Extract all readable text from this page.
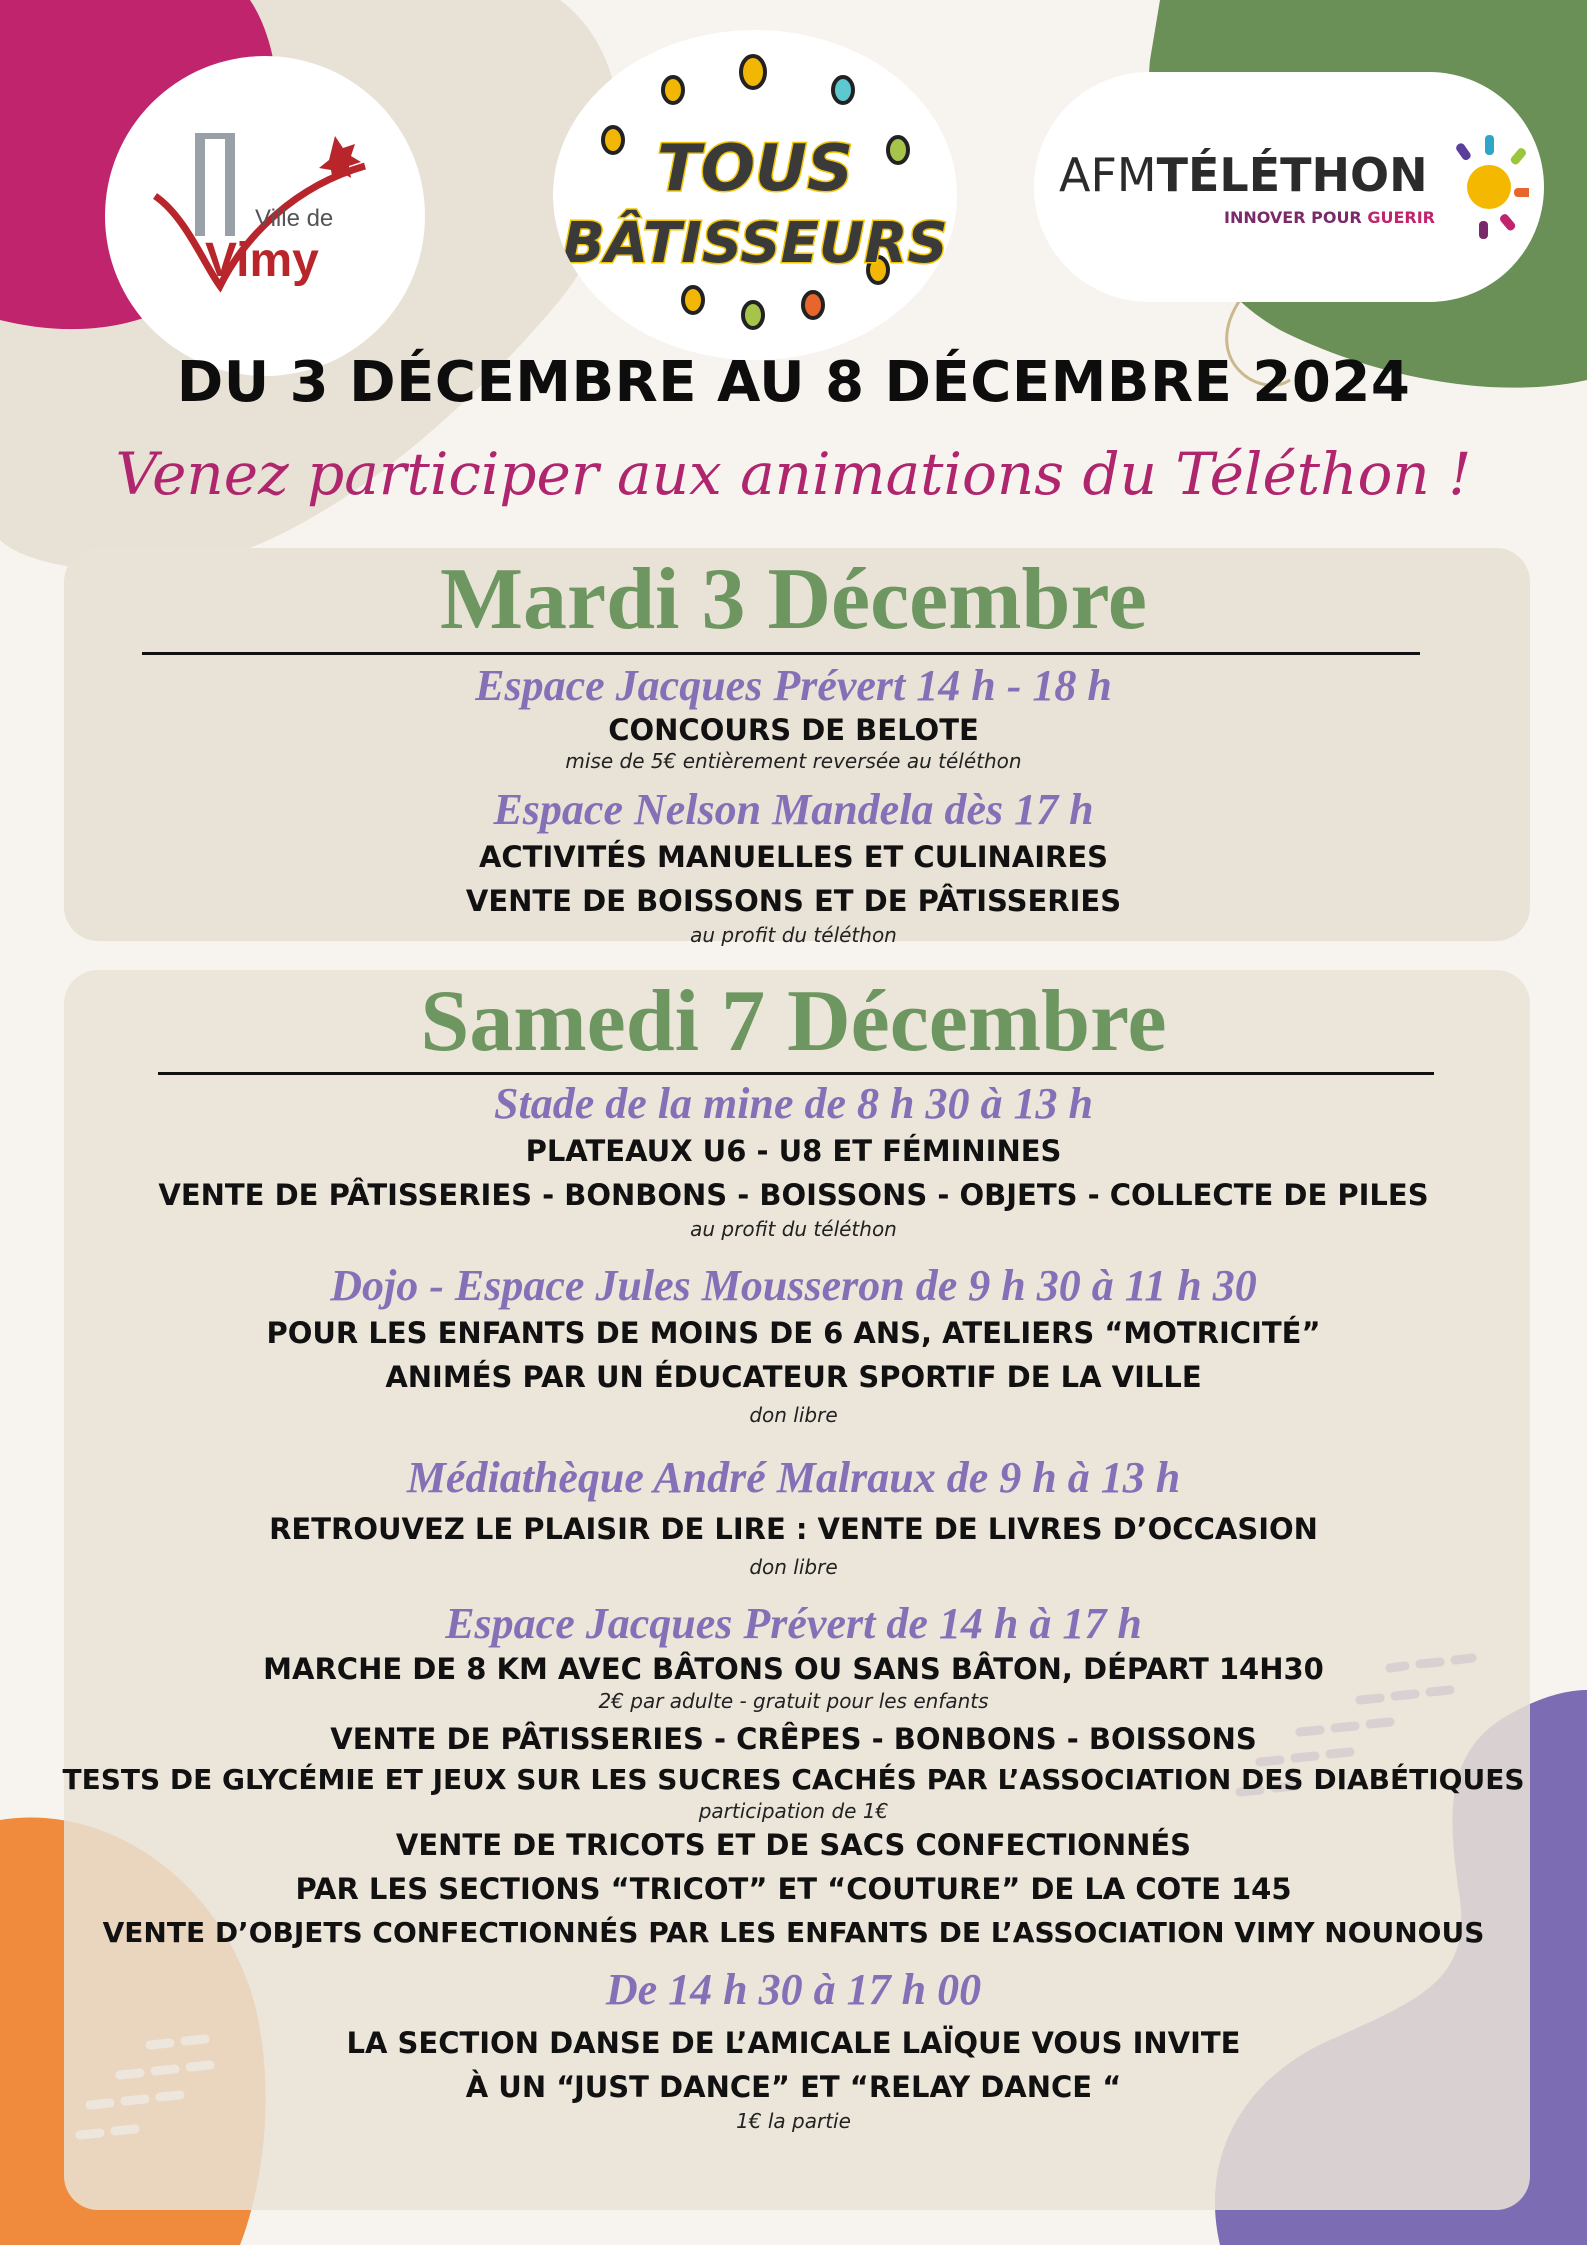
Ville de
Vimy
TOUS
BÂTISSEURS
AFMTÉLÉTHON
INNOVER POUR GUERIR
DU 3 DÉCEMBRE AU 8 DÉCEMBRE 2024
Venez participer aux animations du Téléthon !
Mardi 3 Décembre
Espace Jacques Prévert 14 h - 18 h
CONCOURS DE BELOTE
mise de 5€ entièrement reversée au téléthon
Espace Nelson Mandela dès 17 h
ACTIVITÉS MANUELLES ET CULINAIRES
VENTE DE BOISSONS ET DE PÂTISSERIES
au profit du téléthon
Samedi 7 Décembre
Stade de la mine de 8 h 30 à 13 h
PLATEAUX U6 - U8 ET FÉMININES
VENTE DE PÂTISSERIES - BONBONS - BOISSONS - OBJETS - COLLECTE DE PILES
au profit du téléthon
Dojo - Espace Jules Mousseron de 9 h 30 à 11 h 30
POUR LES ENFANTS DE MOINS DE 6 ANS, ATELIERS “MOTRICITÉ”
ANIMÉS PAR UN ÉDUCATEUR SPORTIF DE LA VILLE
don libre
Médiathèque André Malraux de 9 h à 13 h
RETROUVEZ LE PLAISIR DE LIRE : VENTE DE LIVRES D’OCCASION
don libre
Espace Jacques Prévert de 14 h à 17 h
MARCHE DE 8 KM AVEC BÂTONS OU SANS BÂTON, DÉPART 14H30
2€ par adulte - gratuit pour les enfants
VENTE DE PÂTISSERIES - CRÊPES - BONBONS - BOISSONS
TESTS DE GLYCÉMIE ET JEUX SUR LES SUCRES CACHÉS PAR L’ASSOCIATION DES DIABÉTIQUES
participation de 1€
VENTE DE TRICOTS ET DE SACS CONFECTIONNÉS
PAR LES SECTIONS “TRICOT” ET “COUTURE” DE LA COTE 145
VENTE D’OBJETS CONFECTIONNÉS PAR LES ENFANTS DE L’ASSOCIATION VIMY NOUNOUS
De 14 h 30 à 17 h 00
LA SECTION DANSE DE L’AMICALE LAÏQUE VOUS INVITE
À UN “JUST DANCE” ET “RELAY DANCE “
1€ la partie
